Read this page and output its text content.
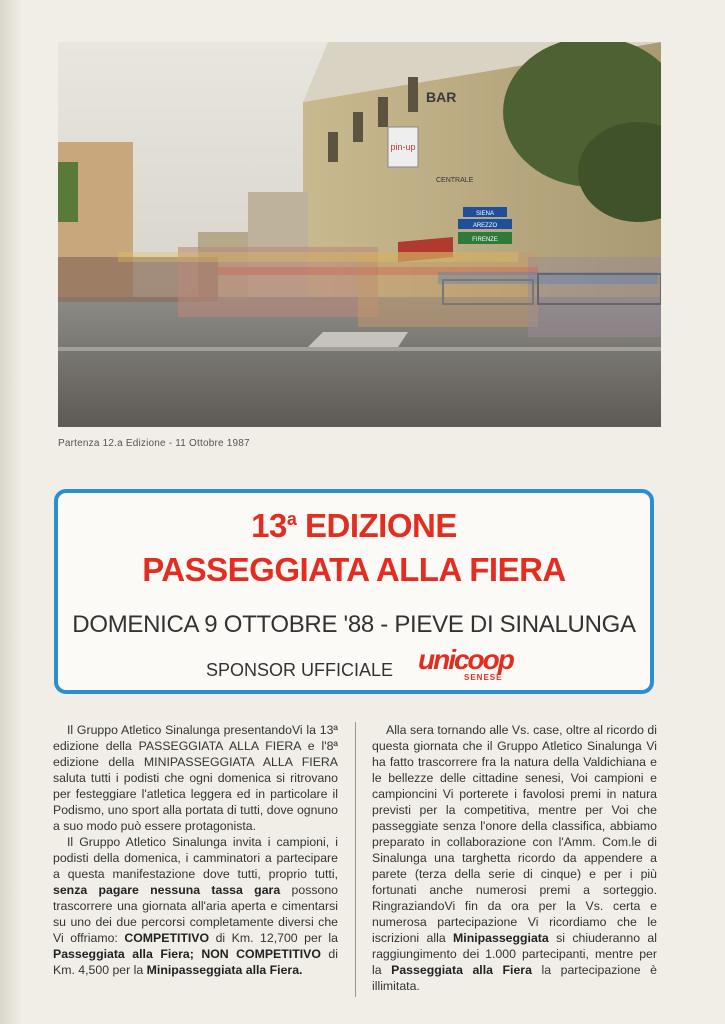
pin-up
BAR
CENTRALE
SIENA
AREZZO
FIRENZE
Partenza 12.a Edizione - 11 Ottobre 1987
13$^a$ EDIZIONE
PASSEGGIATA ALLA FIERA
DOMENICA 9 OTTOBRE '88 - PIEVE DI SINALUNGA
SPONSOR UFFICIALE unicoop
SENESE

Il Gruppo Atletico Sinalunga presentandoVi la 13ª edizione della PASSEGGIATA ALLA FIERA e l'8ª edizione della MINIPASSEGGIATA ALLA FIERA saluta tutti i podisti che ogni domenica si ritrovano per festeggiare l'atletica leggera ed in particolare il Podismo, uno sport alla portata di tutti, dove ognuno a suo modo può essere protagonista.

Il Gruppo Atletico Sinalunga invita i campioni, i podisti della domenica, i camminatori a partecipare a questa manifestazione dove tutti, proprio tutti, senza pagare nessuna tassa gara possono trascorrere una giornata all'aria aperta e cimentarsi su uno dei due percorsi completamente diversi che Vi offriamo: COMPETITIVO di Km. 12,700 per la Passeggiata alla Fiera; NON COMPETITIVO di Km. 4,500 per la Minipasseggiata alla Fiera.

Alla sera tornando alle Vs. case, oltre al ricordo di questa giornata che il Gruppo Atletico Sinalunga Vi ha fatto trascorrere fra la natura della Valdichiana e le bellezze delle cittadine senesi, Voi campioni e campioncini Vi porterete i favolosi premi in natura previsti per la competitiva, mentre per Voi che passeggiate senza l'onore della classifica, abbiamo preparato in collaborazione con l'Amm. Com.le di Sinalunga una targhetta ricordo da appendere a parete (terza della serie di cinque) e per i più fortunati anche numerosi premi a sorteggio. RingraziandoVi fin da ora per la Vs. certa e numerosa partecipazione Vi ricordiamo che le iscrizioni alla Minipasseggiata si chiuderanno al raggiungimento dei 1.000 partecipanti, mentre per la Passeggiata alla Fiera la partecipazione è illimitata.
